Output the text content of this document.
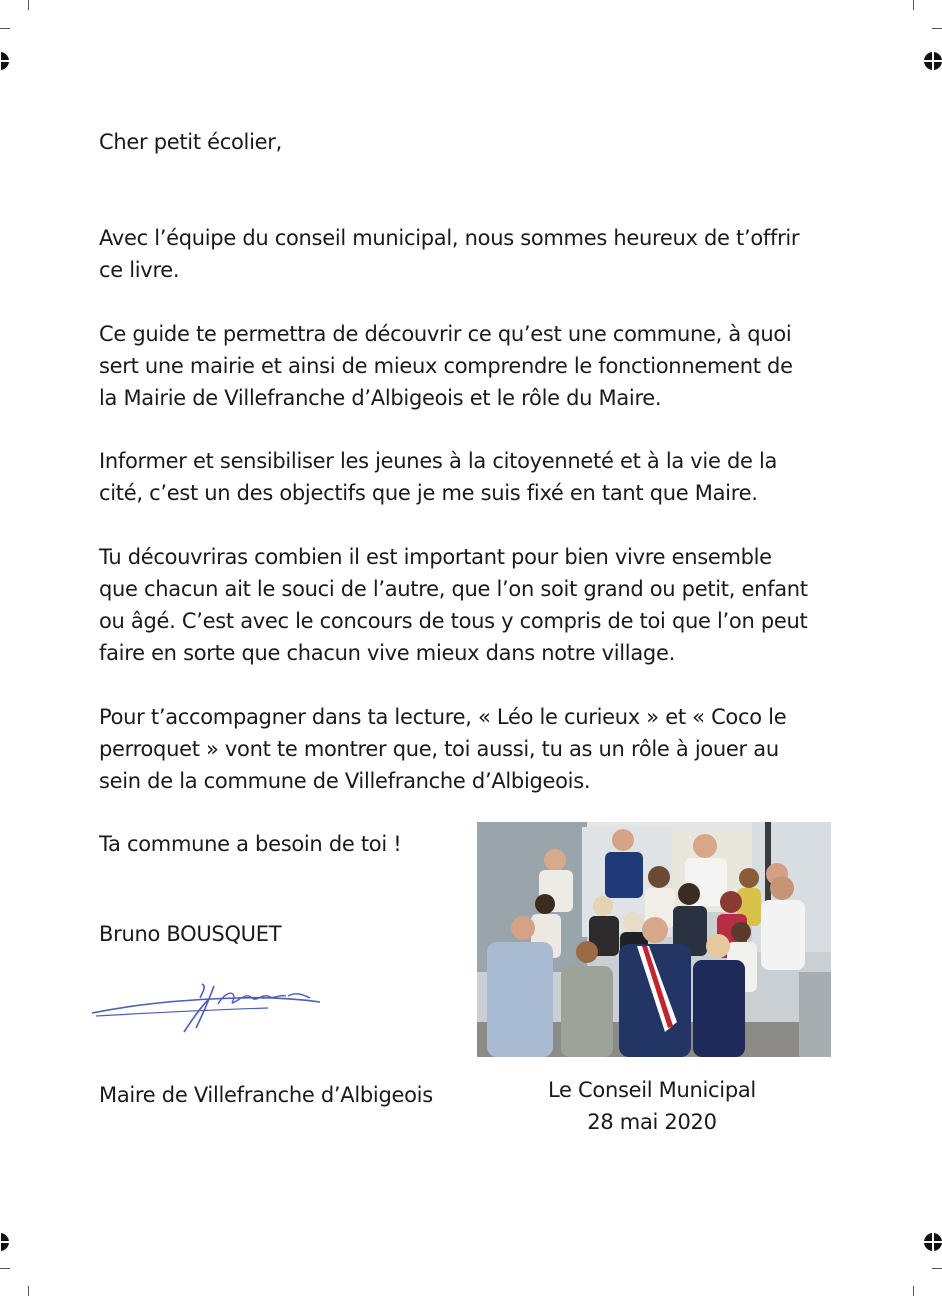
Cher petit écolier,
Avec l’équipe du conseil municipal, nous sommes heureux de t’offrir
ce livre.
Ce guide te permettra de découvrir ce qu’est une commune, à quoi
sert une mairie et ainsi de mieux comprendre le fonctionnement de
la Mairie de Villefranche d’Albigeois et le rôle du Maire.
Informer et sensibiliser les jeunes à la citoyenneté et à la vie de la
cité, c’est un des objectifs que je me suis fixé en tant que Maire.
Tu découvriras combien il est important pour bien vivre ensemble
que chacun ait le souci de l’autre, que l’on soit grand ou petit, enfant
ou âgé. C’est avec le concours de tous y compris de toi que l’on peut
faire en sorte que chacun vive mieux dans notre village.
Pour t’accompagner dans ta lecture, « Léo le curieux » et « Coco le
perroquet » vont te montrer que, toi aussi, tu as un rôle à jouer au
sein de la commune de Villefranche d’Albigeois.
Ta commune a besoin de toi !
Bruno BOUSQUET
Maire de Villefranche d’Albigeois	Le Conseil Municipal
28 mai 2020
